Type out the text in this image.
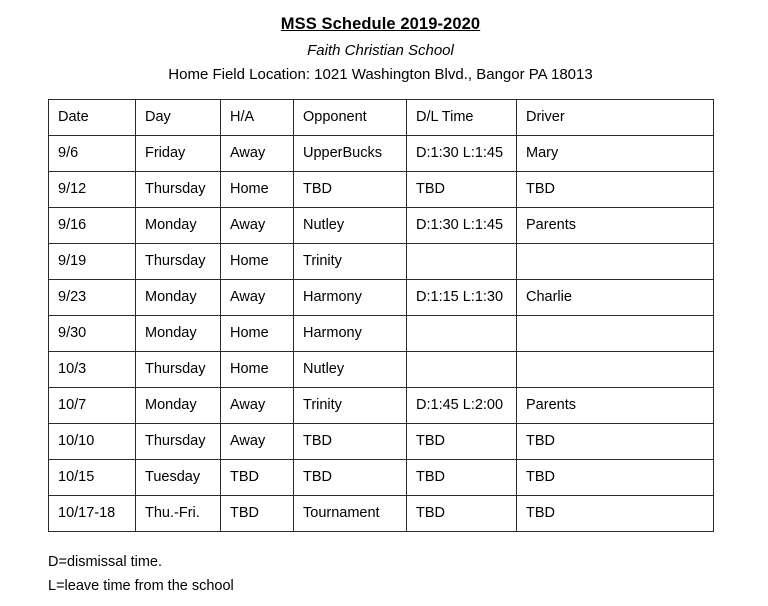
MSS Schedule 2019-2020
Faith Christian School
Home Field Location: 1021 Washington Blvd., Bangor PA 18013
Date	Day	H/A	Opponent	D/L Time	Driver
9/6	Friday	Away	UpperBucks	D:1:30 L:1:45	Mary
9/12	Thursday	Home	TBD	TBD	TBD
9/16	Monday	Away	Nutley	D:1:30 L:1:45	Parents
9/19	Thursday	Home	Trinity		
9/23	Monday	Away	Harmony	D:1:15 L:1:30	Charlie
9/30	Monday	Home	Harmony		
10/3	Thursday	Home	Nutley		
10/7	Monday	Away	Trinity	D:1:45 L:2:00	Parents
10/10	Thursday	Away	TBD	TBD	TBD
10/15	Tuesday	TBD	TBD	TBD	TBD
10/17-18	Thu.-Fri.	TBD	Tournament	TBD	TBD
D=dismissal time.
L=leave time from the school
